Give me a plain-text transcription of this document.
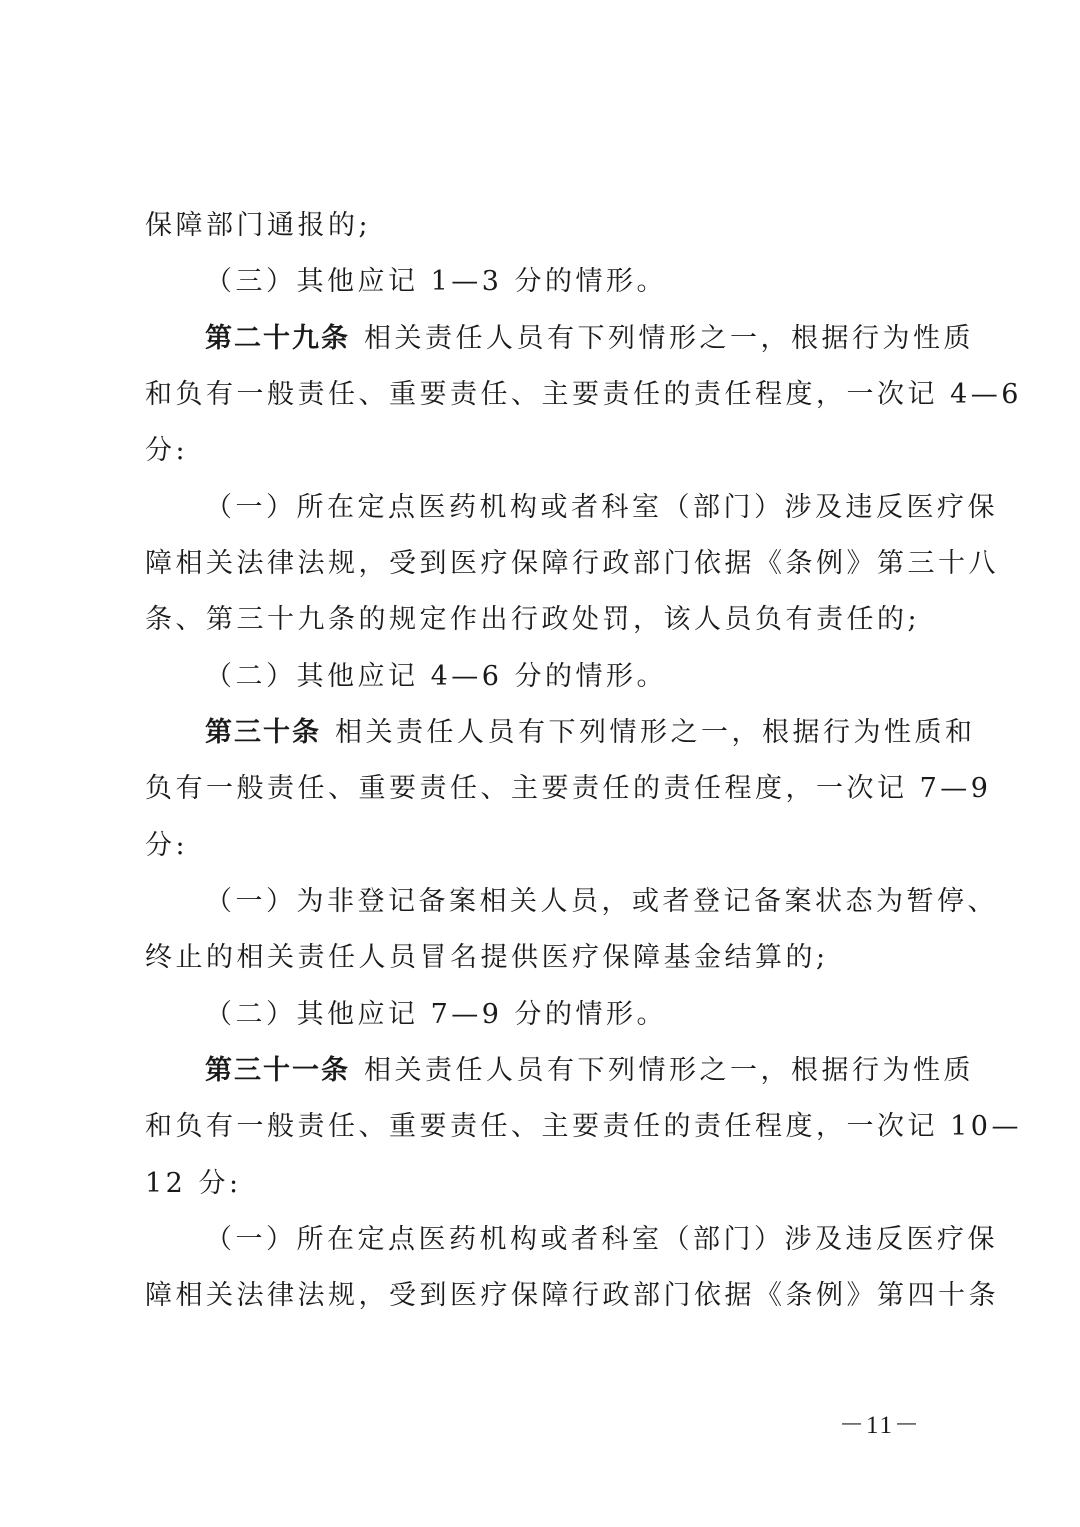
保障部门通报的;
（三）其他应记 1—3 分的情形。
第二十九条 相关责任人员有下列情形之一，根据行为性质
和负有一般责任、重要责任、主要责任的责任程度，一次记 4—6
分:
（一）所在定点医药机构或者科室（部门）涉及违反医疗保
障相关法律法规，受到医疗保障行政部门依据《条例》第三十八
条、第三十九条的规定作出行政处罚，该人员负有责任的;
（二）其他应记 4—6 分的情形。
第三十条 相关责任人员有下列情形之一，根据行为性质和
负有一般责任、重要责任、主要责任的责任程度，一次记 7—9
分:
（一）为非登记备案相关人员，或者登记备案状态为暂停、
终止的相关责任人员冒名提供医疗保障基金结算的;
（二）其他应记 7—9 分的情形。
第三十一条 相关责任人员有下列情形之一，根据行为性质
和负有一般责任、重要责任、主要责任的责任程度，一次记 10—
12 分:
（一）所在定点医药机构或者科室（部门）涉及违反医疗保
障相关法律法规，受到医疗保障行政部门依据《条例》第四十条
－11－
